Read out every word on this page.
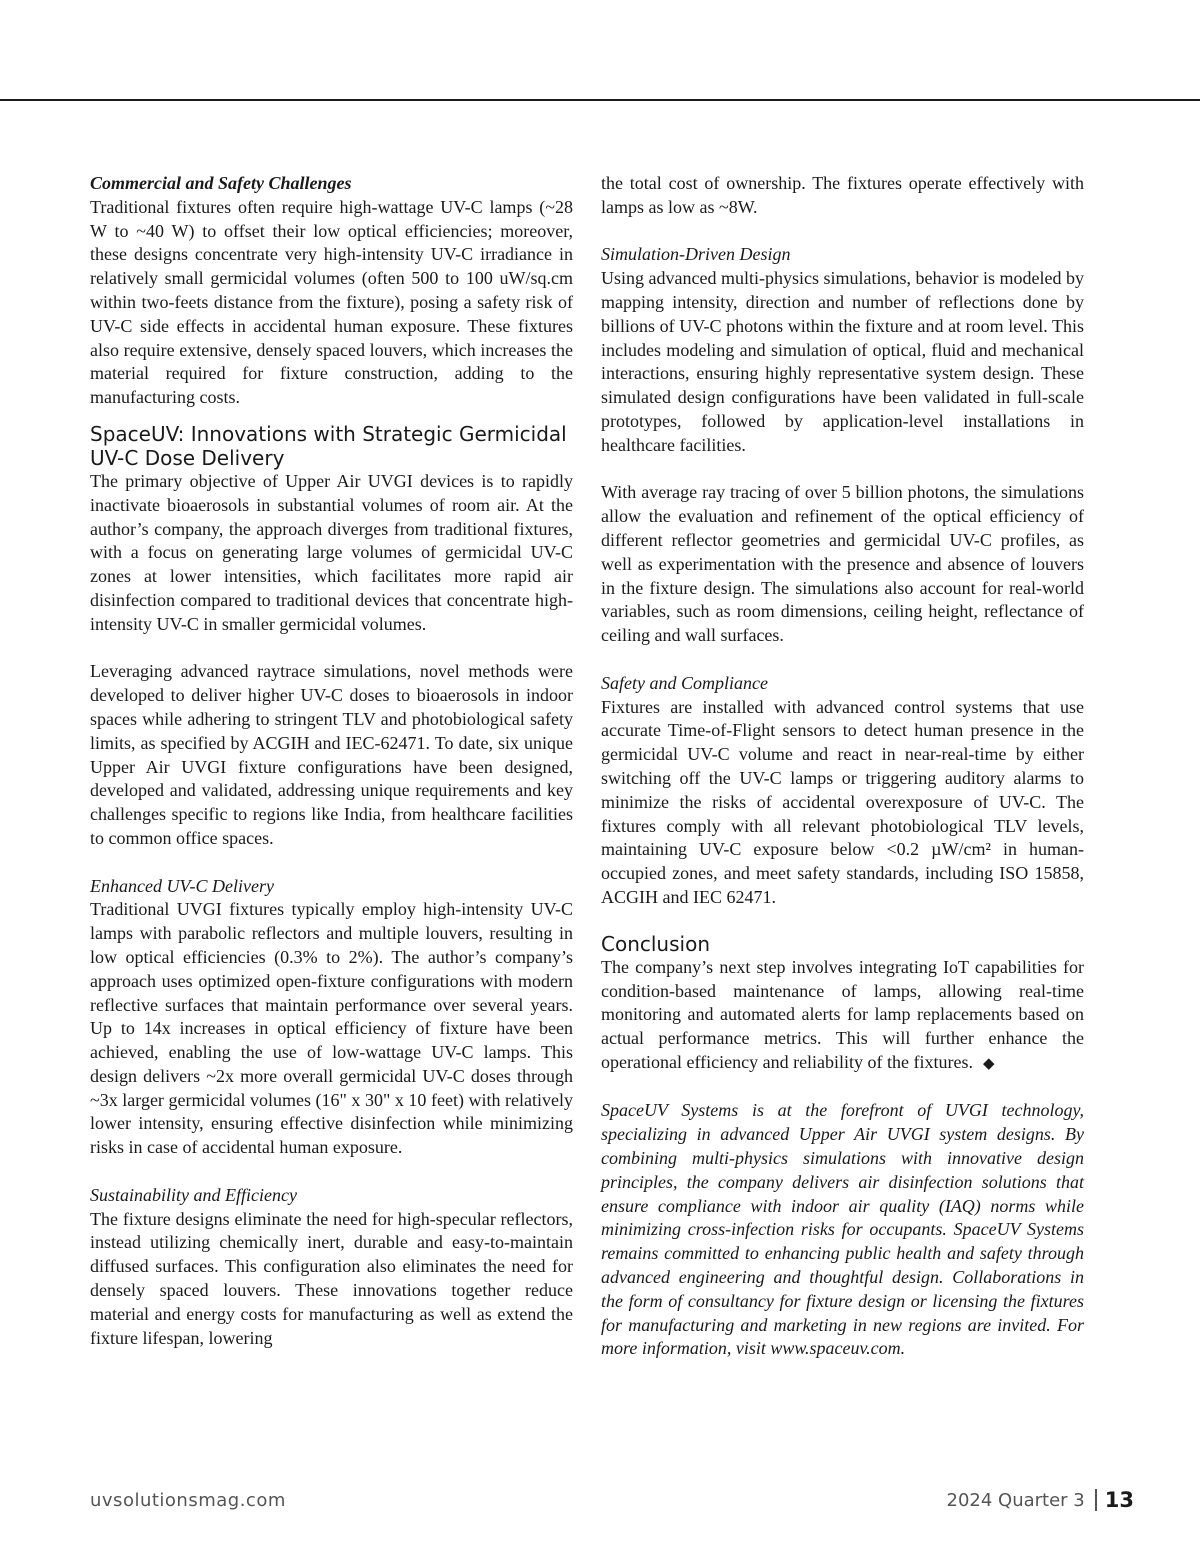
Commercial and Safety Challenges

Traditional fixtures often require high-wattage UV-C lamps (~28 W to ~40 W) to offset their low optical efficiencies; moreover, these designs concentrate very high-intensity UV-C irradiance in relatively small germicidal volumes (often 500 to 100 uW/sq.cm within two-feets distance from the fixture), posing a safety risk of UV-C side effects in accidental human exposure. These fixtures also require extensive, densely spaced louvers, which increases the material required for fixture construction, adding to the manufacturing costs.

SpaceUV: Innovations with Strategic Germicidal UV-C Dose Delivery

The primary objective of Upper Air UVGI devices is to rapidly inactivate bioaerosols in substantial volumes of room air. At the author’s company, the approach diverges from traditional fixtures, with a focus on generating large volumes of germicidal UV-C zones at lower intensities, which facilitates more rapid air disinfection compared to traditional devices that concentrate high-intensity UV-C in smaller germicidal volumes.

Leveraging advanced raytrace simulations, novel methods were developed to deliver higher UV-C doses to bioaerosols in indoor spaces while adhering to stringent TLV and photobiological safety limits, as specified by ACGIH and IEC-62471. To date, six unique Upper Air UVGI fixture configurations have been designed, developed and validated, addressing unique requirements and key challenges specific to regions like India, from healthcare facilities to common office spaces.

Enhanced UV-C Delivery

Traditional UVGI fixtures typically employ high-intensity UV-C lamps with parabolic reflectors and multiple louvers, resulting in low optical efficiencies (0.3% to 2%). The author’s company’s approach uses optimized open-fixture configurations with modern reflective surfaces that maintain performance over several years. Up to 14x increases in optical efficiency of fixture have been achieved, enabling the use of low-wattage UV-C lamps. This design delivers ~2x more overall germicidal UV-C doses through ~3x larger germicidal volumes (16" x 30" x 10 feet) with relatively lower intensity, ensuring effective disinfection while minimizing risks in case of accidental human exposure.

Sustainability and Efficiency

The fixture designs eliminate the need for high-specular reflectors, instead utilizing chemically inert, durable and easy-to-maintain diffused surfaces. This configuration also eliminates the need for densely spaced louvers. These innovations together reduce material and energy costs for manufacturing as well as extend the fixture lifespan, lowering

the total cost of ownership. The fixtures operate effectively with lamps as low as ~8W.

Simulation-Driven Design

Using advanced multi-physics simulations, behavior is modeled by mapping intensity, direction and number of reflections done by billions of UV-C photons within the fixture and at room level. This includes modeling and simulation of optical, fluid and mechanical interactions, ensuring highly representative system design. These simulated design configurations have been validated in full-scale prototypes, followed by application-level installations in healthcare facilities.

With average ray tracing of over 5 billion photons, the simulations allow the evaluation and refinement of the optical efficiency of different reflector geometries and germicidal UV-C profiles, as well as experimentation with the presence and absence of louvers in the fixture design. The simulations also account for real-world variables, such as room dimensions, ceiling height, reflectance of ceiling and wall surfaces.

Safety and Compliance

Fixtures are installed with advanced control systems that use accurate Time-of-Flight sensors to detect human presence in the germicidal UV-C volume and react in near-real-time by either switching off the UV-C lamps or triggering auditory alarms to minimize the risks of accidental overexposure of UV-C. The fixtures comply with all relevant photobiological TLV levels, maintaining UV-C exposure below <0.2 µW/cm² in human-occupied zones, and meet safety standards, including ISO 15858, ACGIH and IEC 62471.

Conclusion

The company’s next step involves integrating IoT capabilities for condition-based maintenance of lamps, allowing real-time monitoring and automated alerts for lamp replacements based on actual performance metrics. This will further enhance the operational efficiency and reliability of the fixtures. ◆

SpaceUV Systems is at the forefront of UVGI technology, specializing in advanced Upper Air UVGI system designs. By combining multi-physics simulations with innovative design principles, the company delivers air disinfection solutions that ensure compliance with indoor air quality (IAQ) norms while minimizing cross-infection risks for occupants. SpaceUV Systems remains committed to enhancing public health and safety through advanced engineering and thoughtful design. Collaborations in the form of consultancy for fixture design or licensing the fixtures for manufacturing and marketing in new regions are invited. For more information, visit www.spaceuv.com.

uvsolutionsmag.com	2024 Quarter 3 13
